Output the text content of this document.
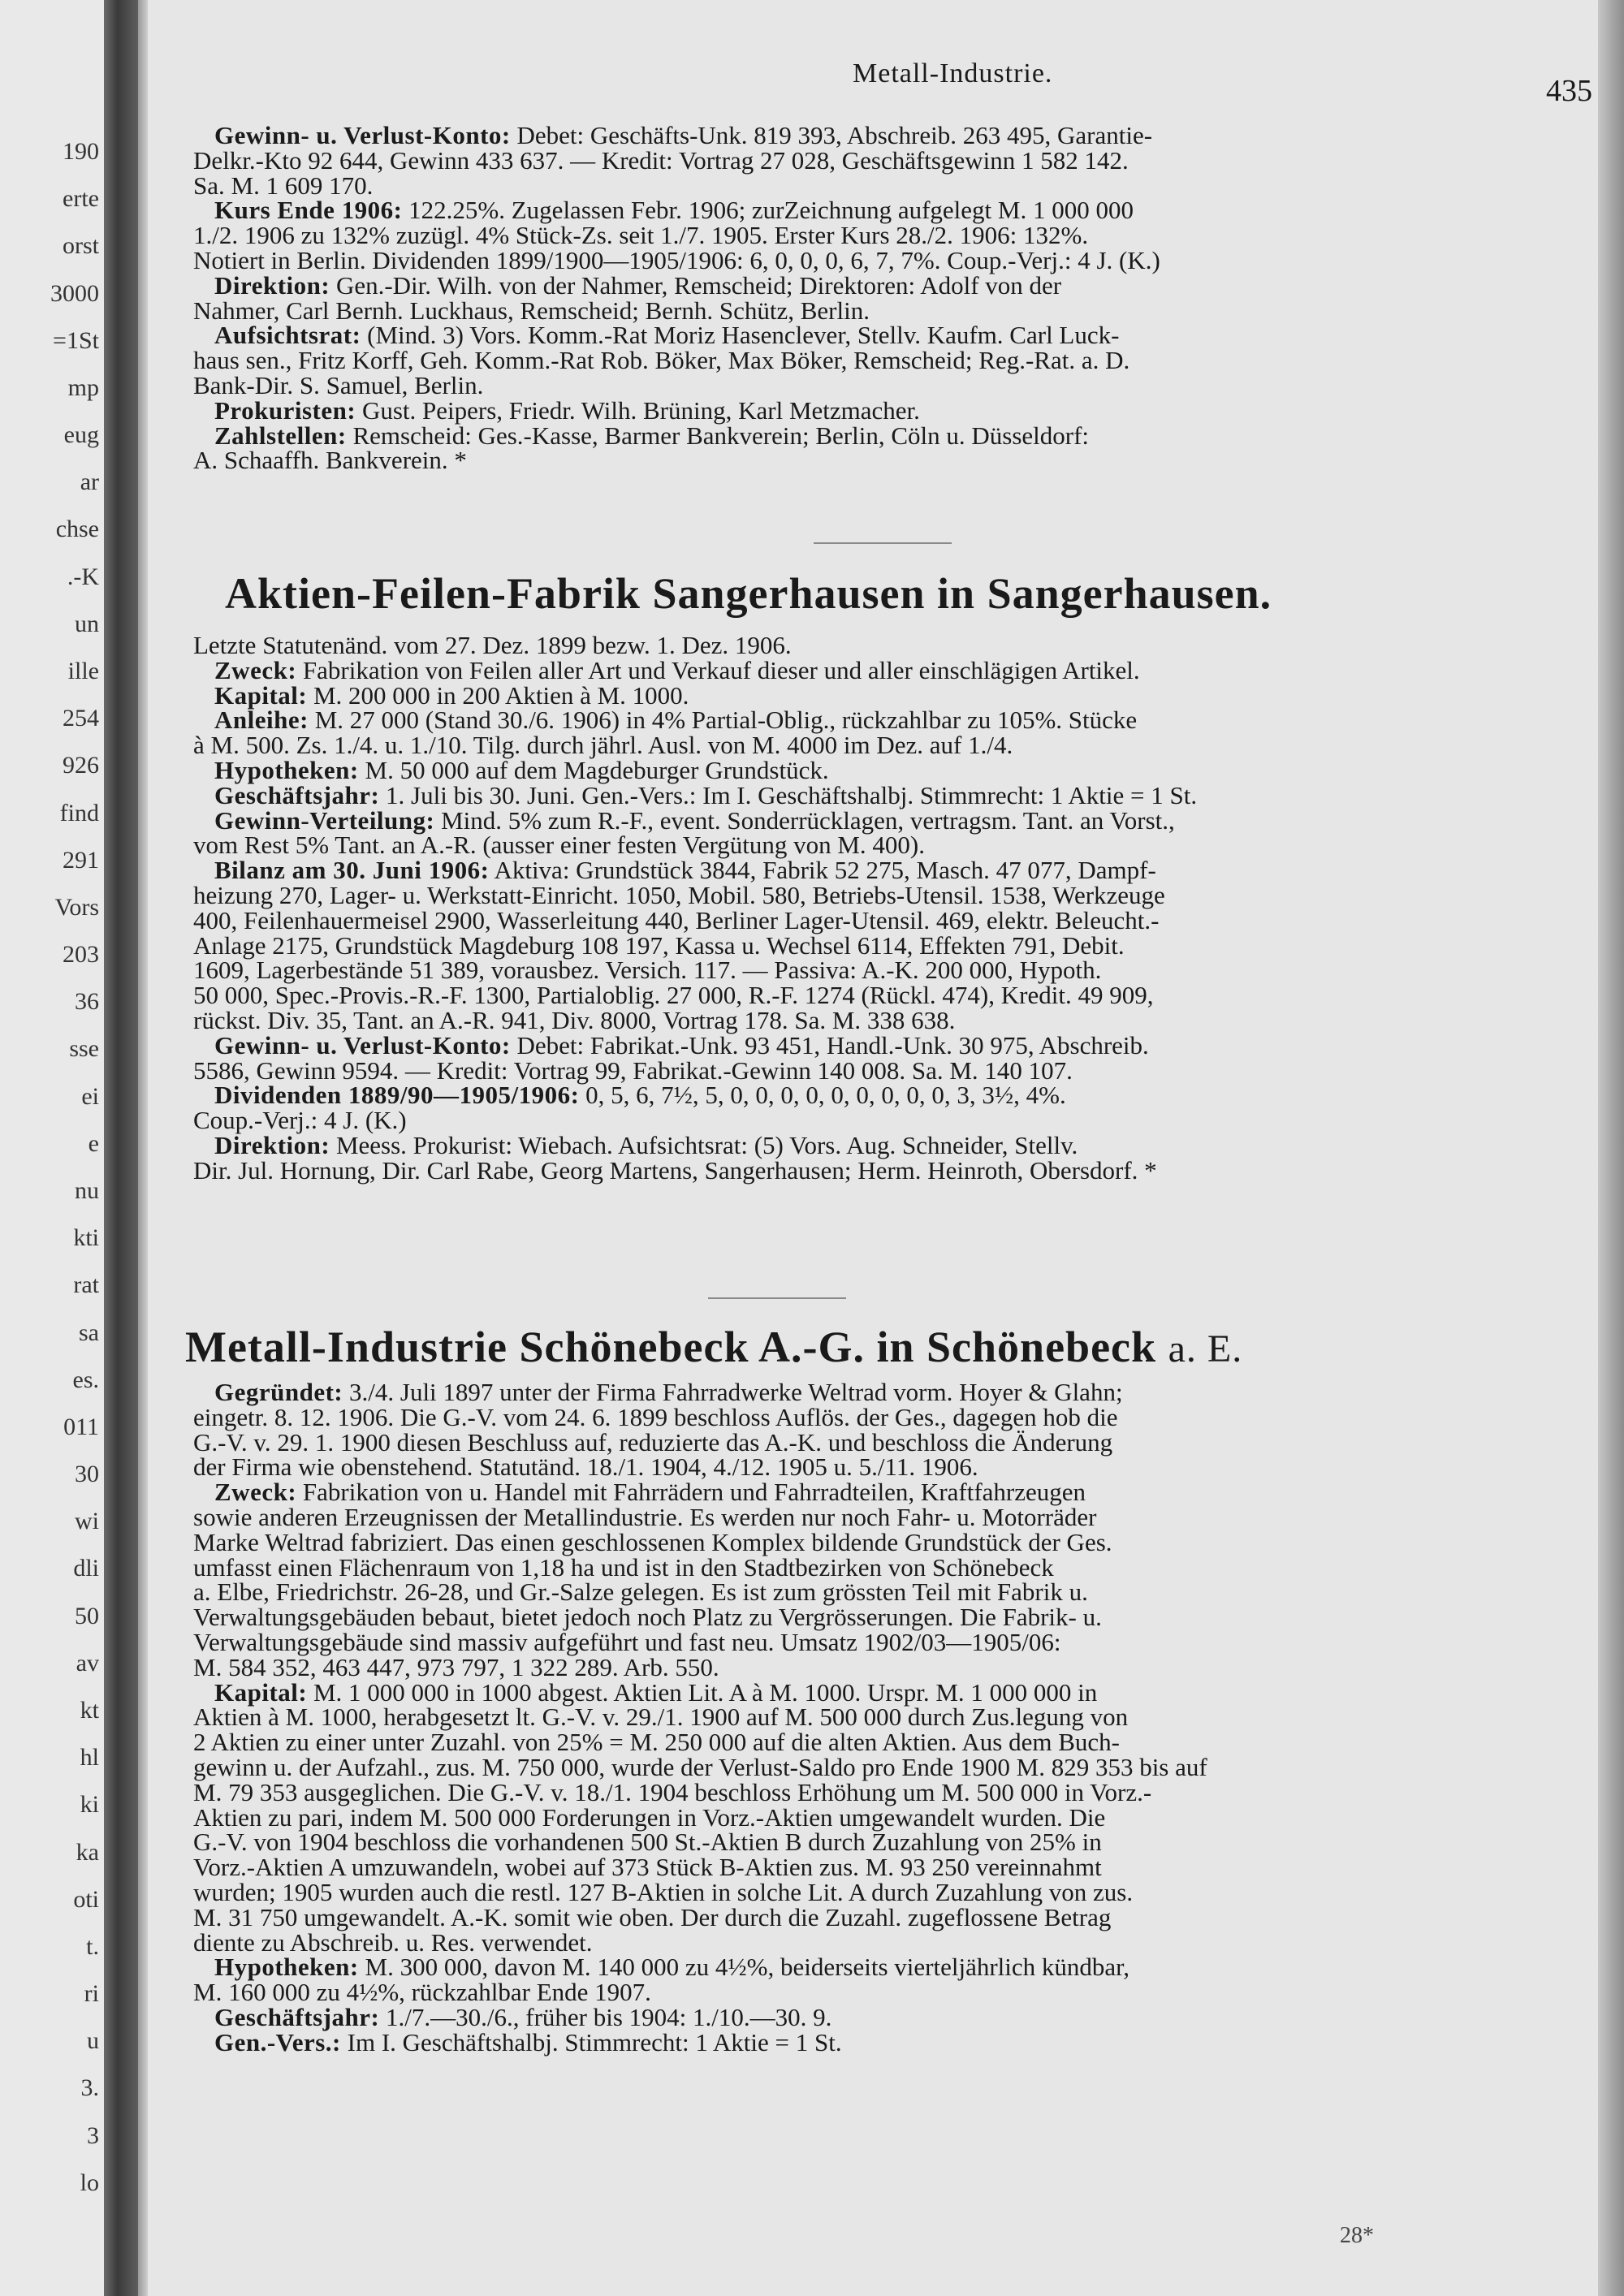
190
erte
orst
3000
=1St
mp
eug
ar
chse
.-K
un
ille
254
926
find
291
Vors
203
36
sse
ei
e
nu
kti
rat
sa
es.
011
30
wi
dli
50
av
kt
hl
ki
ka
oti
t.
ri
u
3.
3
lo
Metall-Industrie.
435

Gewinn- u. Verlust-Konto: Debet: Geschäfts-Unk. 819 393, Abschreib. 263 495, Garantie-

Delkr.-Kto 92 644, Gewinn 433 637. — Kredit: Vortrag 27 028, Geschäftsgewinn 1 582 142.

Sa. M. 1 609 170.

Kurs Ende 1906: 122.25%. Zugelassen Febr. 1906; zurZeichnung aufgelegt M. 1 000 000

1./2. 1906 zu 132% zuzügl. 4% Stück-Zs. seit 1./7. 1905. Erster Kurs 28./2. 1906: 132%.

Notiert in Berlin. Dividenden 1899/1900—1905/1906: 6, 0, 0, 0, 6, 7, 7%. Coup.-Verj.: 4 J. (K.)

Direktion: Gen.-Dir. Wilh. von der Nahmer, Remscheid; Direktoren: Adolf von der

Nahmer, Carl Bernh. Luckhaus, Remscheid; Bernh. Schütz, Berlin.

Aufsichtsrat: (Mind. 3) Vors. Komm.-Rat Moriz Hasenclever, Stellv. Kaufm. Carl Luck-

haus sen., Fritz Korff, Geh. Komm.-Rat Rob. Böker, Max Böker, Remscheid; Reg.-Rat. a. D.

Bank-Dir. S. Samuel, Berlin.

Prokuristen: Gust. Peipers, Friedr. Wilh. Brüning, Karl Metzmacher.

Zahlstellen: Remscheid: Ges.-Kasse, Barmer Bankverein; Berlin, Cöln u. Düsseldorf:

A. Schaaffh. Bankverein. *

Aktien-Feilen-Fabrik Sangerhausen in Sangerhausen.

Letzte Statutenänd. vom 27. Dez. 1899 bezw. 1. Dez. 1906.

Zweck: Fabrikation von Feilen aller Art und Verkauf dieser und aller einschlägigen Artikel.

Kapital: M. 200 000 in 200 Aktien à M. 1000.

Anleihe: M. 27 000 (Stand 30./6. 1906) in 4% Partial-Oblig., rückzahlbar zu 105%. Stücke

à M. 500. Zs. 1./4. u. 1./10. Tilg. durch jährl. Ausl. von M. 4000 im Dez. auf 1./4.

Hypotheken: M. 50 000 auf dem Magdeburger Grundstück.

Geschäftsjahr: 1. Juli bis 30. Juni. Gen.-Vers.: Im I. Geschäftshalbj. Stimmrecht: 1 Aktie = 1 St.

Gewinn-Verteilung: Mind. 5% zum R.-F., event. Sonderrücklagen, vertragsm. Tant. an Vorst.,

vom Rest 5% Tant. an A.-R. (ausser einer festen Vergütung von M. 400).

Bilanz am 30. Juni 1906: Aktiva: Grundstück 3844, Fabrik 52 275, Masch. 47 077, Dampf-

heizung 270, Lager- u. Werkstatt-Einricht. 1050, Mobil. 580, Betriebs-Utensil. 1538, Werkzeuge

400, Feilenhauermeisel 2900, Wasserleitung 440, Berliner Lager-Utensil. 469, elektr. Beleucht.-

Anlage 2175, Grundstück Magdeburg 108 197, Kassa u. Wechsel 6114, Effekten 791, Debit.

1609, Lagerbestände 51 389, vorausbez. Versich. 117. — Passiva: A.-K. 200 000, Hypoth.

50 000, Spec.-Provis.-R.-F. 1300, Partialoblig. 27 000, R.-F. 1274 (Rückl. 474), Kredit. 49 909,

rückst. Div. 35, Tant. an A.-R. 941, Div. 8000, Vortrag 178. Sa. M. 338 638.

Gewinn- u. Verlust-Konto: Debet: Fabrikat.-Unk. 93 451, Handl.-Unk. 30 975, Abschreib.

5586, Gewinn 9594. — Kredit: Vortrag 99, Fabrikat.-Gewinn 140 008. Sa. M. 140 107.

Dividenden 1889/90—1905/1906: 0, 5, 6, 7½, 5, 0, 0, 0, 0, 0, 0, 0, 0, 0, 3, 3½, 4%.

Coup.-Verj.: 4 J. (K.)

Direktion: Meess. Prokurist: Wiebach. Aufsichtsrat: (5) Vors. Aug. Schneider, Stellv.

Dir. Jul. Hornung, Dir. Carl Rabe, Georg Martens, Sangerhausen; Herm. Heinroth, Obersdorf. *

Metall-Industrie Schönebeck A.-G. in Schönebeck a. E.

Gegründet: 3./4. Juli 1897 unter der Firma Fahrradwerke Weltrad vorm. Hoyer & Glahn;

eingetr. 8. 12. 1906. Die G.-V. vom 24. 6. 1899 beschloss Auflös. der Ges., dagegen hob die

G.-V. v. 29. 1. 1900 diesen Beschluss auf, reduzierte das A.-K. und beschloss die Änderung

der Firma wie obenstehend. Statutänd. 18./1. 1904, 4./12. 1905 u. 5./11. 1906.

Zweck: Fabrikation von u. Handel mit Fahrrädern und Fahrradteilen, Kraftfahrzeugen

sowie anderen Erzeugnissen der Metallindustrie. Es werden nur noch Fahr- u. Motorräder

Marke Weltrad fabriziert. Das einen geschlossenen Komplex bildende Grundstück der Ges.

umfasst einen Flächenraum von 1,18 ha und ist in den Stadtbezirken von Schönebeck

a. Elbe, Friedrichstr. 26-28, und Gr.-Salze gelegen. Es ist zum grössten Teil mit Fabrik u.

Verwaltungsgebäuden bebaut, bietet jedoch noch Platz zu Vergrösserungen. Die Fabrik- u.

Verwaltungsgebäude sind massiv aufgeführt und fast neu. Umsatz 1902/03—1905/06:

M. 584 352, 463 447, 973 797, 1 322 289. Arb. 550.

Kapital: M. 1 000 000 in 1000 abgest. Aktien Lit. A à M. 1000. Urspr. M. 1 000 000 in

Aktien à M. 1000, herabgesetzt lt. G.-V. v. 29./1. 1900 auf M. 500 000 durch Zus.legung von

2 Aktien zu einer unter Zuzahl. von 25% = M. 250 000 auf die alten Aktien. Aus dem Buch-

gewinn u. der Aufzahl., zus. M. 750 000, wurde der Verlust-Saldo pro Ende 1900 M. 829 353 bis auf

M. 79 353 ausgeglichen. Die G.-V. v. 18./1. 1904 beschloss Erhöhung um M. 500 000 in Vorz.-

Aktien zu pari, indem M. 500 000 Forderungen in Vorz.-Aktien umgewandelt wurden. Die

G.-V. von 1904 beschloss die vorhandenen 500 St.-Aktien B durch Zuzahlung von 25% in

Vorz.-Aktien A umzuwandeln, wobei auf 373 Stück B-Aktien zus. M. 93 250 vereinnahmt

wurden; 1905 wurden auch die restl. 127 B-Aktien in solche Lit. A durch Zuzahlung von zus.

M. 31 750 umgewandelt. A.-K. somit wie oben. Der durch die Zuzahl. zugeflossene Betrag

diente zu Abschreib. u. Res. verwendet.

Hypotheken: M. 300 000, davon M. 140 000 zu 4½%, beiderseits vierteljährlich kündbar,

M. 160 000 zu 4½%, rückzahlbar Ende 1907.

Geschäftsjahr: 1./7.—30./6., früher bis 1904: 1./10.—30. 9.

Gen.-Vers.: Im I. Geschäftshalbj. Stimmrecht: 1 Aktie = 1 St.

28*
